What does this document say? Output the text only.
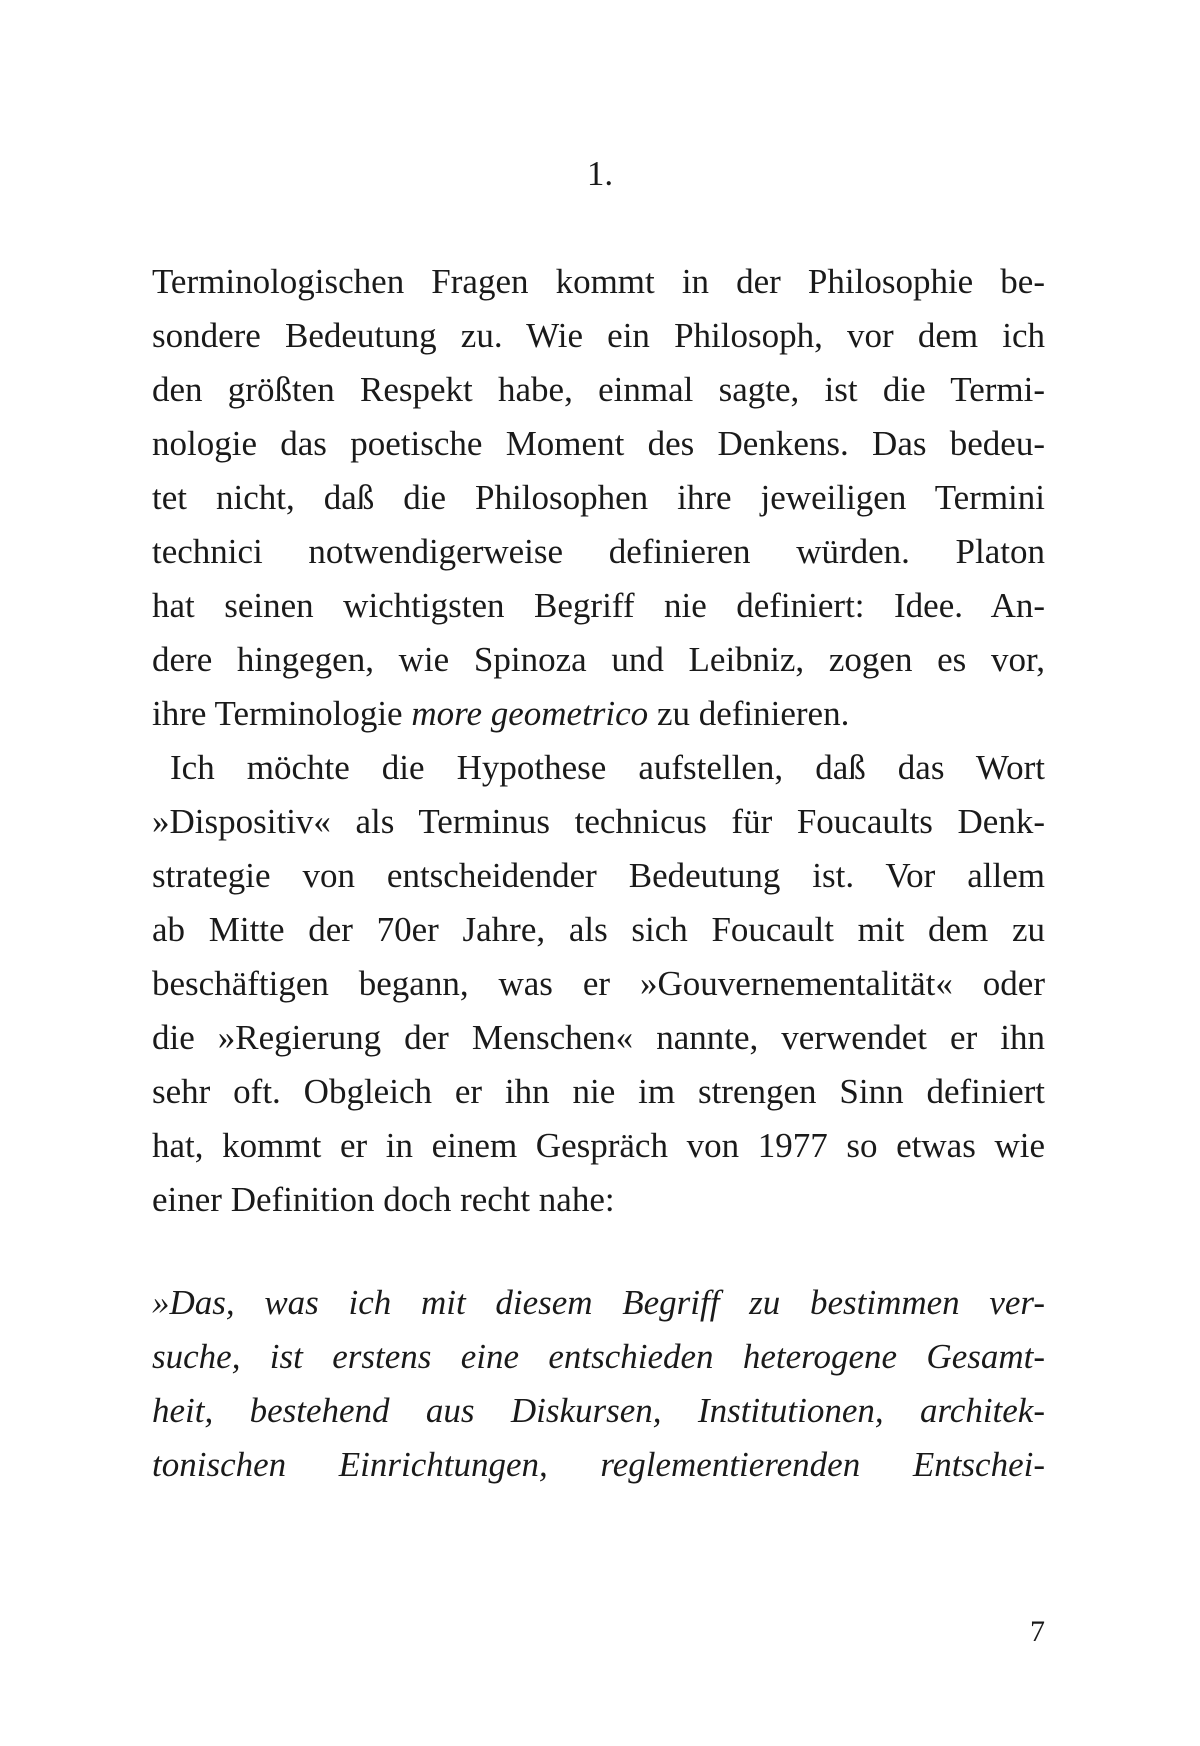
1.
Terminologischen Fragen kommt in der Philosophie be-
sondere Bedeutung zu. Wie ein Philosoph, vor dem ich
den größten Respekt habe, einmal sagte, ist die Termi-
nologie das poetische Moment des Denkens. Das bedeu-
tet nicht, daß die Philosophen ihre jeweiligen Termini
technici notwendigerweise definieren würden. Platon
hat seinen wichtigsten Begriff nie definiert: Idee. An-
dere hingegen, wie Spinoza und Leibniz, zogen es vor,
ihre Terminologie more geometrico zu definieren.
Ich möchte die Hypothese aufstellen, daß das Wort
»Dispositiv« als Terminus technicus für Foucaults Denk-
strategie von entscheidender Bedeutung ist. Vor allem
ab Mitte der 70er Jahre, als sich Foucault mit dem zu
beschäftigen begann, was er »Gouvernementalität« oder
die »Regierung der Menschen« nannte, verwendet er ihn
sehr oft. Obgleich er ihn nie im strengen Sinn definiert
hat, kommt er in einem Gespräch von 1977 so etwas wie
einer Definition doch recht nahe:
»Das, was ich mit diesem Begriff zu bestimmen ver-
suche, ist erstens eine entschieden heterogene Gesamt-
heit, bestehend aus Diskursen, Institutionen, architek-
tonischen Einrichtungen, reglementierenden Entschei-
7
